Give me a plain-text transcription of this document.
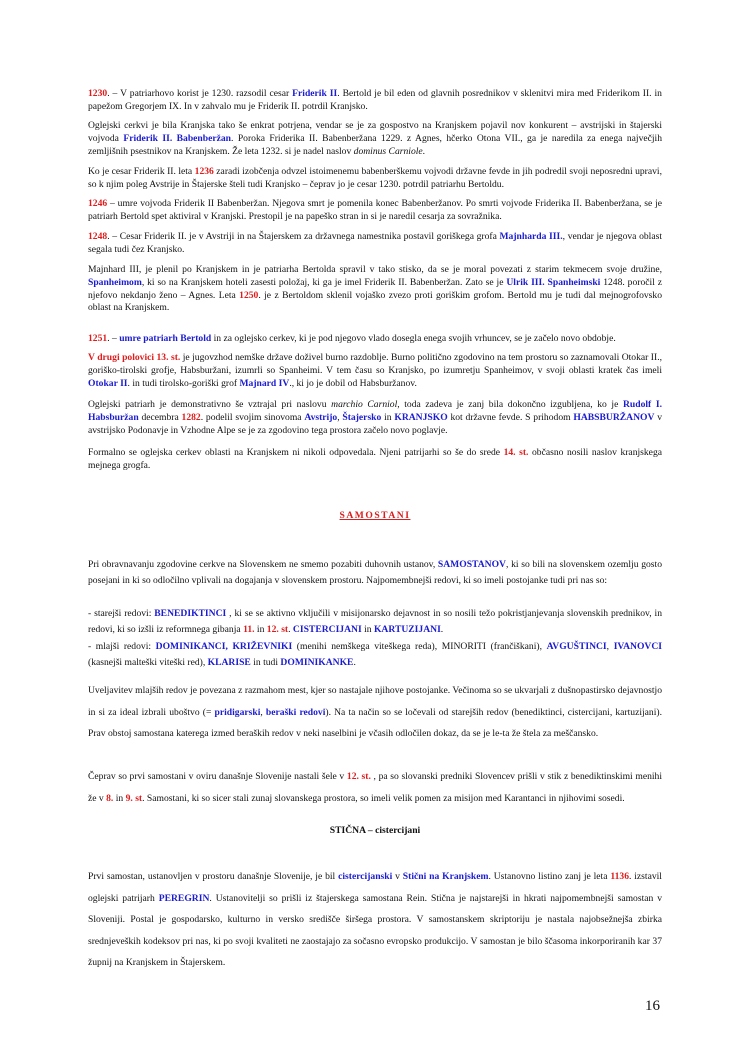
1230. – V patriarhovo korist je 1230. razsodil cesar Friderik II. Bertold je bil eden od glavnih posrednikov v sklenitvi mira med Friderikom II. in papežom Gregorjem IX. In v zahvalo mu je Friderik II. potrdil Kranjsko.

Oglejski cerkvi je bila Kranjska tako še enkrat potrjena, vendar se je za gospostvo na Kranjskem pojavil nov konkurent – avstrijski in štajerski vojvoda Friderik II. Babenberžan. Poroka Friderika II. Babenberžana 1229. z Agnes, hčerko Otona VII., ga je naredila za enega največjih zemljišnih psestnikov na Kranjskem. Že leta 1232. si je nadel naslov dominus Carniole.

Ko je cesar Friderik II. leta 1236 zaradi izobčenja odvzel istoimenemu babenberškemu vojvodi državne fevde in jih podredil svoji neposredni upravi, so k njim poleg Avstrije in Štajerske šteli tudi Kranjsko – čeprav jo je cesar 1230. potrdil patriarhu Bertoldu.

1246 – umre vojvoda Friderik II Babenberžan. Njegova smrt je pomenila konec Babenberžanov. Po smrti vojvode Friderika II. Babenberžana, se je patriarh Bertold spet aktiviral v Kranjski. Prestopil je na papeško stran in si je naredil cesarja za sovražnika.

1248. – Cesar Friderik II. je v Avstriji in na Štajerskem za državnega namestnika postavil goriškega grofa Majnharda III., vendar je njegova oblast segala tudi čez Kranjsko.

Majnhard III, je plenil po Kranjskem in je patriarha Bertolda spravil v tako stisko, da se je moral povezati z starim tekmecem svoje družine, Spanheimom, ki so na Kranjskem hoteli zasesti položaj, ki ga je imel Friderik II. Babenberžan. Zato se je Ulrik III. Spanheimski 1248. poročil z njefovo nekdanjo ženo – Agnes. Leta 1250. je z Bertoldom sklenil vojaško zvezo proti goriškim grofom. Bertold mu je tudi dal mejnogrofovsko oblast na Kranjskem.

1251. – umre patriarh Bertold in za oglejsko cerkev, ki je pod njegovo vlado dosegla enega svojih vrhuncev, se je začelo novo obdobje.

V drugi polovici 13. st. je jugovzhod nemške države doživel burno razdoblje. Burno politično zgodovino na tem prostoru so zaznamovali Otokar II., goriško-tirolski grofje, Habsburžani, izumrli so Spanheimi. V tem času so Kranjsko, po izumretju Spanheimov, v svoji oblasti kratek čas imeli Otokar II. in tudi tirolsko-goriški grof Majnard IV., ki jo je dobil od Habsburžanov.

Oglejski patriarh je demonstrativno še vztrajal pri naslovu marchio Carniol, toda zadeva je zanj bila dokončno izgubljena, ko je Rudolf I. Habsburžan decembra 1282. podelil svojim sinovoma Avstrijo, Štajersko in KRANJSKO kot državne fevde. S prihodom HABSBURŽANOV v avstrijsko Podonavje in Vzhodne Alpe se je za zgodovino tega prostora začelo novo poglavje.

Formalno se oglejska cerkev oblasti na Kranjskem ni nikoli odpovedala. Njeni patrijarhi so še do srede 14. st. občasno nosili naslov kranjskega mejnega grogfa.

SAMOSTANI

Pri obravnavanju zgodovine cerkve na Slovenskem ne smemo pozabiti duhovnih ustanov, SAMOSTANOV, ki so bili na slovenskem ozemlju gosto posejani in ki so odločilno vplivali na dogajanja v slovenskem prostoru. Najpomembnejši redovi, ki so imeli postojanke tudi pri nas so:

- starejši redovi: BENEDIKTINCI , ki se se aktivno vključili v misijonarsko dejavnost in so nosili težo pokristjanjevanja slovenskih prednikov, in redovi, ki so izšli iz reformnega gibanja 11. in 12. st. CISTERCIJANI in KARTUZIJANI.

- mlajši redovi: DOMINIKANCI, KRIŽEVNIKI (menihi nemškega viteškega reda), MINORITI (frančiškani), AVGUŠTINCI, IVANOVCI (kasnejši malteški viteški red), KLARISE in tudi DOMINIKANKE.

Uveljavitev mlajših redov je povezana z razmahom mest, kjer so nastajale njihove postojanke. Večinoma so se ukvarjali z dušnopastirsko dejavnostjo in si za ideal izbrali uboštvo (= pridigarski, beraški redovi). Na ta način so se ločevali od starejših redov (benediktinci, cistercijani, kartuzijani). Prav obstoj samostana katerega izmed beraških redov v neki naselbini je včasih odločilen dokaz, da se je le-ta že štela za meščansko.

Čeprav so prvi samostani v oviru današnje Slovenije nastali šele v 12. st. , pa so slovanski predniki Slovencev prišli v stik z benediktinskimi menihi že v 8. in 9. st. Samostani, ki so sicer stali zunaj slovanskega prostora, so imeli velik pomen za misijon med Karantanci in njihovimi sosedi.

STIČNA – cistercijani

Prvi samostan, ustanovljen v prostoru današnje Slovenije, je bil cistercijanski v Stični na Kranjskem. Ustanovno listino zanj je leta 1136. izstavil oglejski patrijarh PEREGRIN. Ustanovitelji so prišli iz štajerskega samostana Rein. Stična je najstarejši in hkrati najpomembnejši samostan v Sloveniji. Postal je gospodarsko, kulturno in versko središče širšega prostora. V samostanskem skriptoriju je nastala najobsežnejša zbirka srednjeveških kodeksov pri nas, ki po svoji kvaliteti ne zaostajajo za sočasno evropsko produkcijo. V samostan je bilo ščasoma inkorporiranih kar 37 župnij na Kranjskem in Štajerskem.

16
